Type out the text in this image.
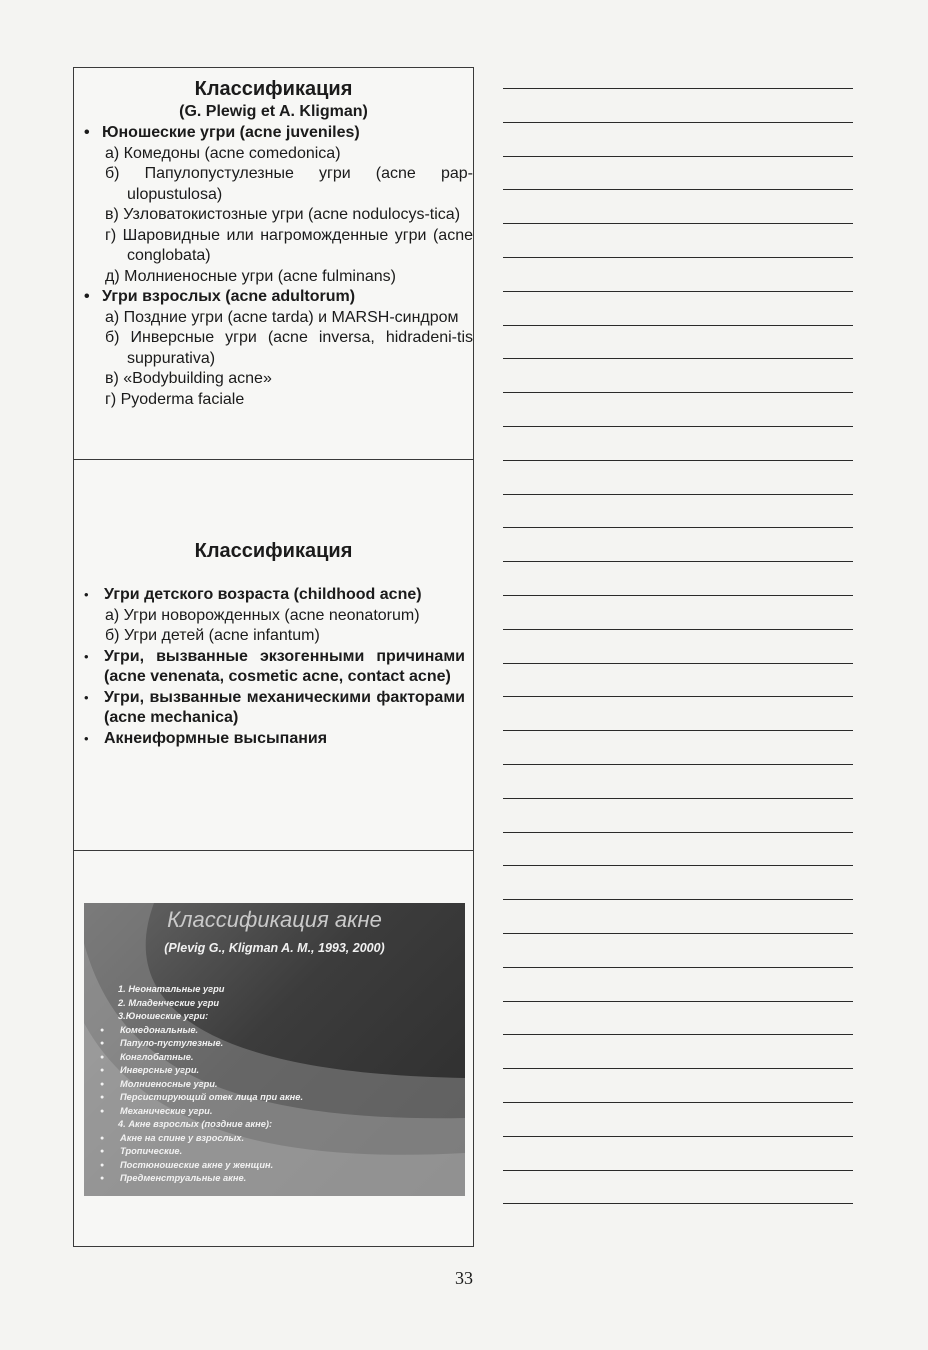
Классификация
(G. Plewig et A. Kligman)
• Юношеские угри (acne juveniles)
а) Комедоны (acne comedonica)
б) Папулопустулезные угри (acne pap-ulopustulosa)
в) Узловатокистозные угри (acne nodulocys-tica)
г) Шаровидные или нагроможденные угри (acne conglobata)
д) Молниеносные угри (acne fulminans)
• Угри взрослых (acne adultorum)
а) Поздние угри (acne tarda) и MARSH-синдром
б) Инверсные угри (acne inversa, hidradeni-tis suppurativa)
в) «Bodybuilding acne»
г) Pyoderma faciale
Классификация
• Угри детского возраста (childhood acne)
а) Угри новорожденных (acne neonatorum)
б) Угри детей (acne infantum)
• Угри, вызванные экзогенными причинами (acne venenata, cosmetic acne, contact acne)
• Угри, вызванные механическими факторами (acne mechanica)
• Акнеиформные высыпания
Классификация акне
(Plevig G., Kligman A. M., 1993, 2000)
1. Неонатальные угри
2. Младенческие угри
3.Юношеские угри:
● Комедональные.
● Папуло-пустулезные.
● Конглобатные.
● Инверсные угри.
● Молниеносные угри.
● Персистирующий отек лица при акне.
● Механические угри.
4. Акне взрослых (поздние акне):
● Акне на спине у взрослых.
● Тропические.
● Постюношеские акне у женщин.
● Предменструальные акне.
33
